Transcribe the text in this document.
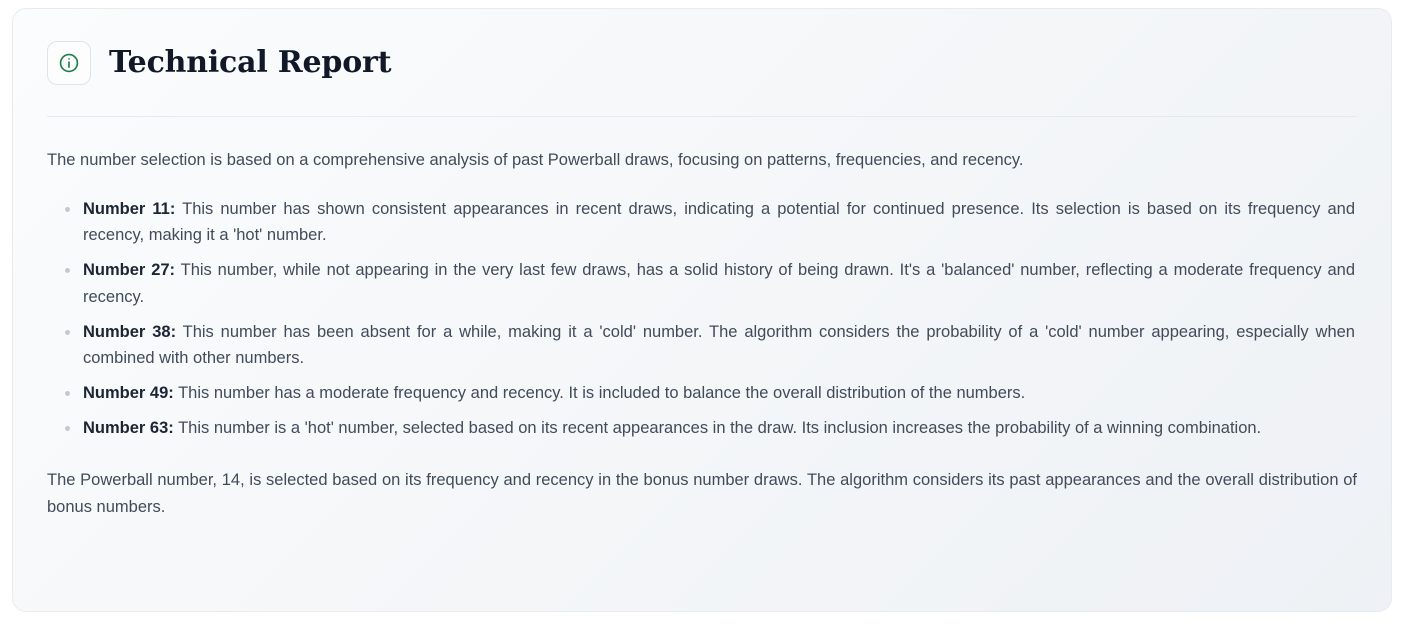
Technical Report

The number selection is based on a comprehensive analysis of past Powerball draws, focusing on patterns, frequencies, and recency.

Number 11: This number has shown consistent appearances in recent draws, indicating a potential for continued presence. Its selection is based on its frequency and recency, making it a 'hot' number.
Number 27: This number, while not appearing in the very last few draws, has a solid history of being drawn. It's a 'balanced' number, reflecting a moderate frequency and recency.
Number 38: This number has been absent for a while, making it a 'cold' number. The algorithm considers the probability of a 'cold' number appearing, especially when combined with other numbers.
Number 49: This number has a moderate frequency and recency. It is included to balance the overall distribution of the numbers.
Number 63: This number is a 'hot' number, selected based on its recent appearances in the draw. Its inclusion increases the probability of a winning combination.

The Powerball number, 14, is selected based on its frequency and recency in the bonus number draws. The algorithm considers its past appearances and the overall distribution of bonus numbers.
